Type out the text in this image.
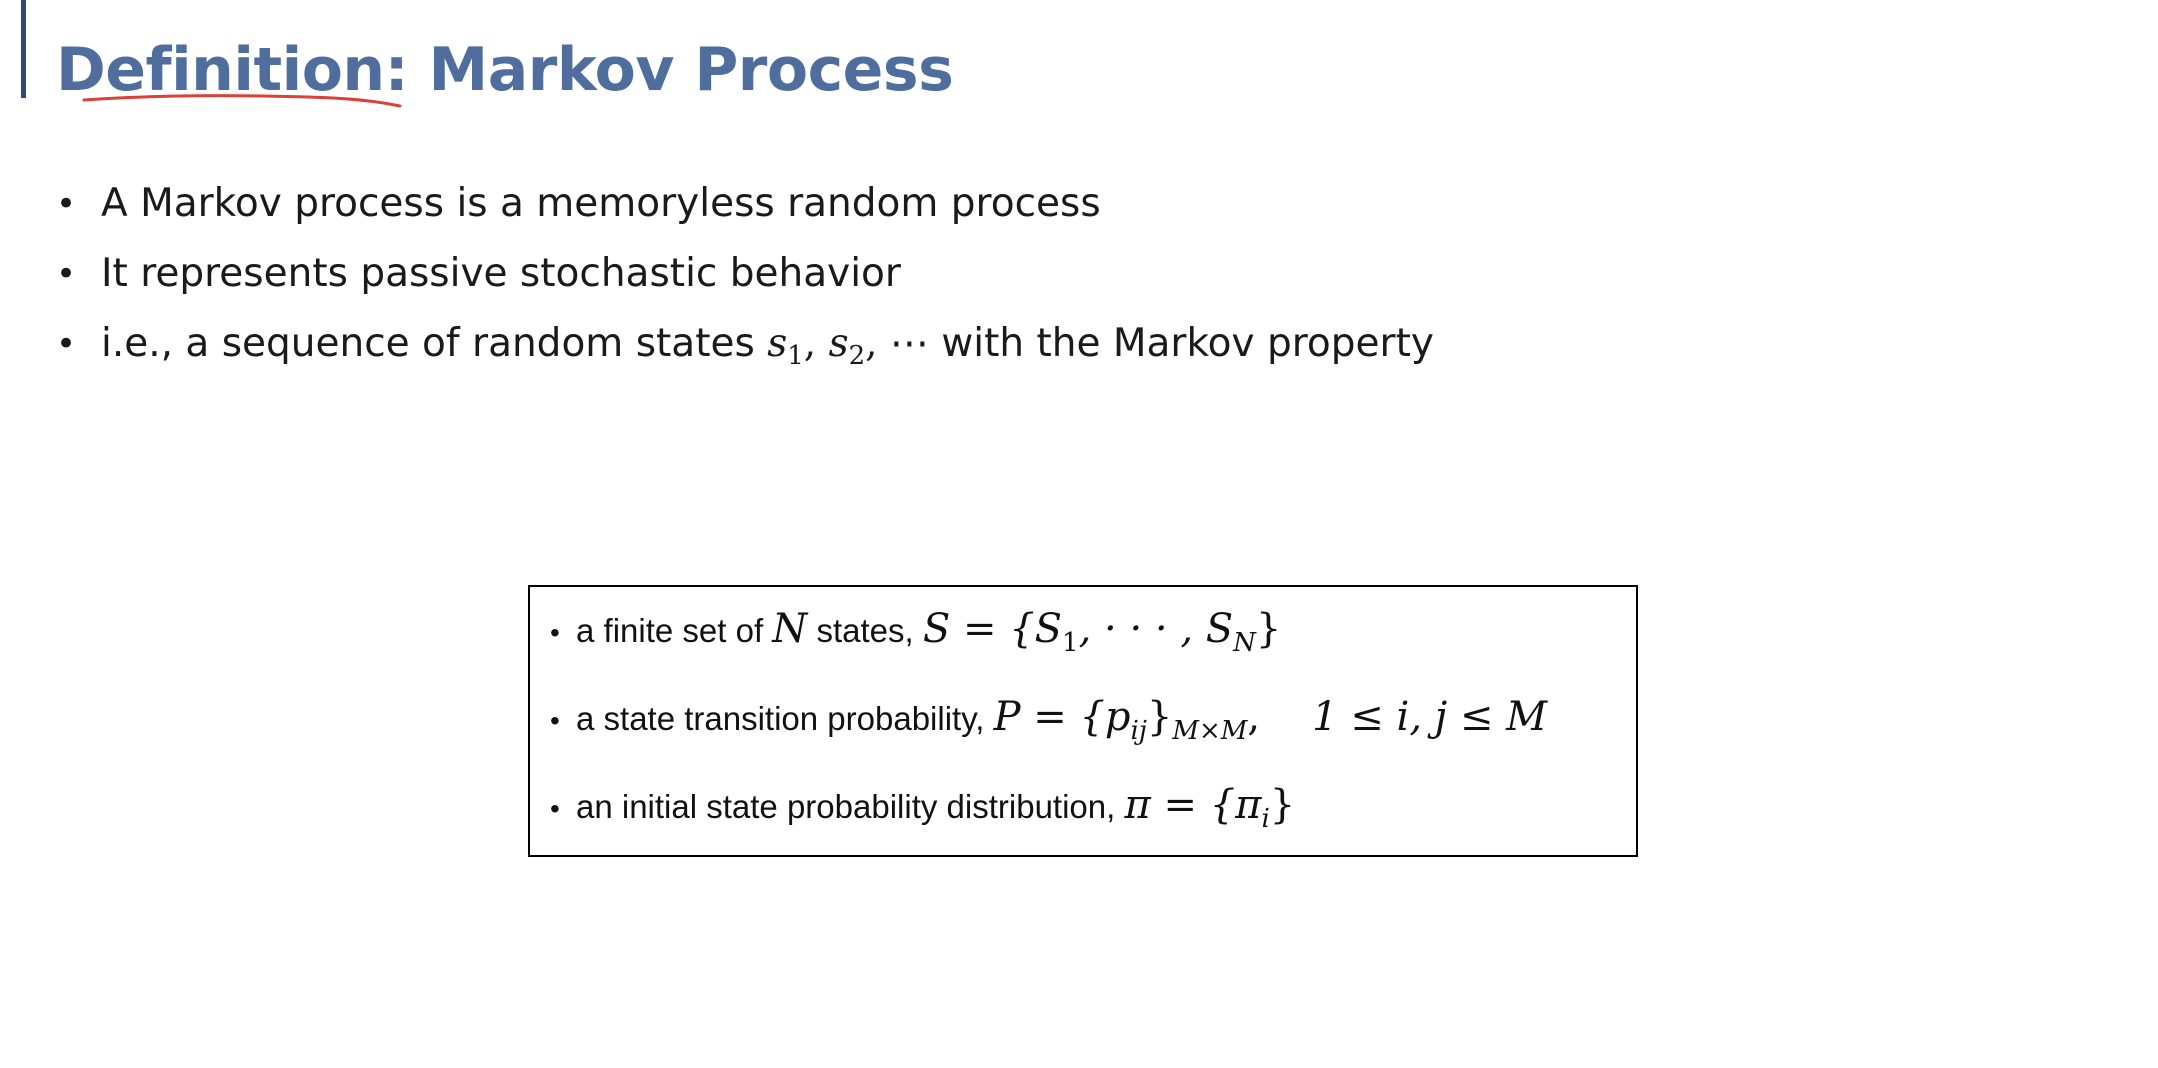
Definition: Markov Process
• A Markov process is a memoryless random process
• It represents passive stochastic behavior
• i.e., a sequence of random states $s_1$, $s_2$, ⋯ with the Markov property
• a finite set of N states, $S = \{S_1$, · · · , $S_N$}
• a state transition probability, $P = \{p_{ij}\}_{M\times M}$, 1 ≤ i, j ≤ M
• an initial state probability distribution, $\pi = \{\pi_i\}$
